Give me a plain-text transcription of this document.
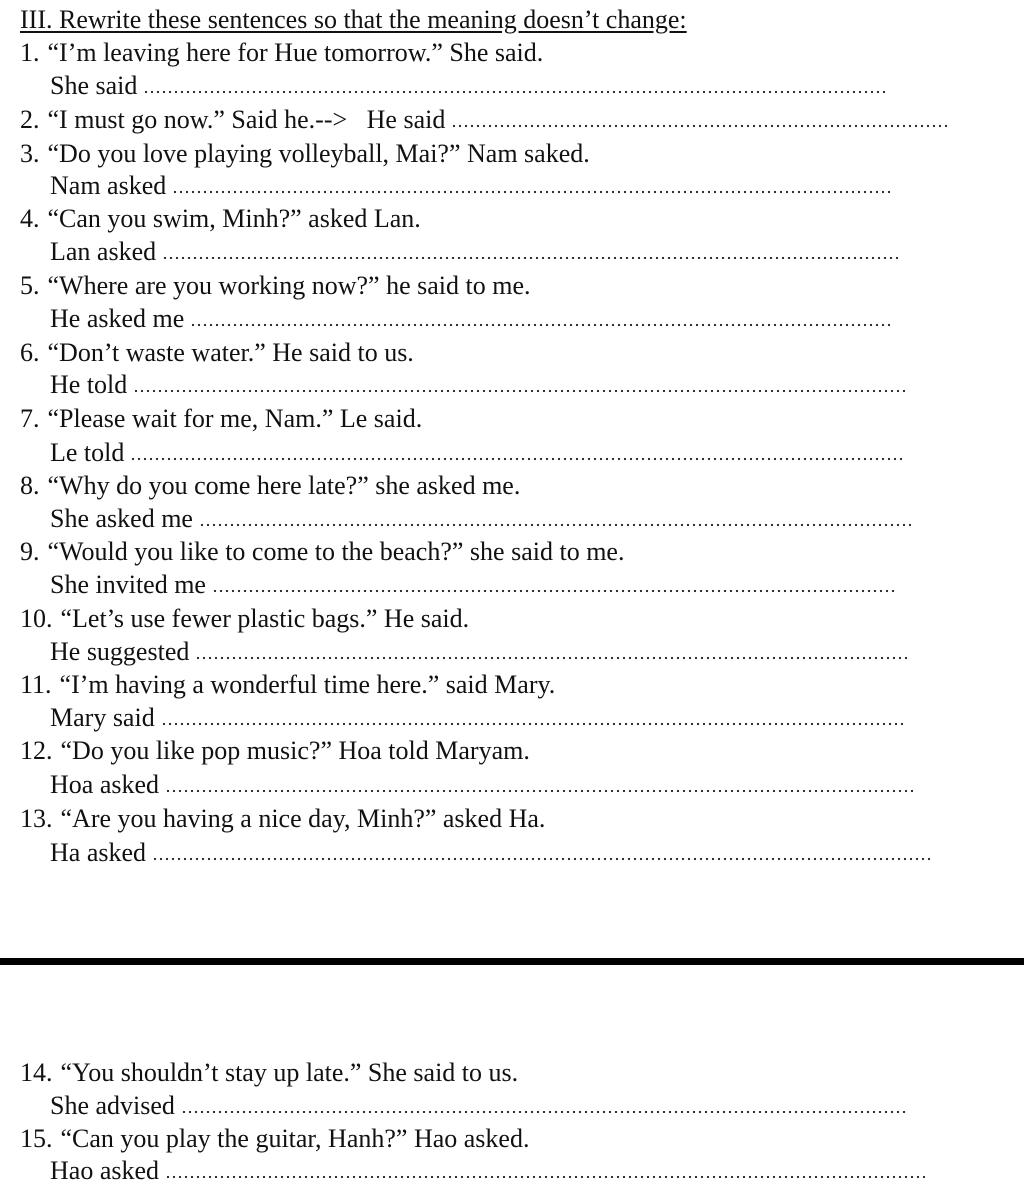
III. Rewrite these sentences so that the meaning doesn’t change:
1. “I’m leaving here for Hue tomorrow.” She said.
She said
2. “I must go now.” Said he.-->   He said
3. “Do you love playing volleyball, Mai?” Nam saked.
Nam asked
4. “Can you swim, Minh?” asked Lan.
Lan asked
5. “Where are you working now?” he said to me.
He asked me
6. “Don’t waste water.” He said to us.
He told
7. “Please wait for me, Nam.” Le said.
Le told
8. “Why do you come here late?” she asked me.
She asked me
9. “Would you like to come to the beach?” she said to me.
She invited me
10. “Let’s use fewer plastic bags.” He said.
He suggested
11. “I’m having a wonderful time here.” said Mary.
Mary said
12. “Do you like pop music?” Hoa told Maryam.
Hoa asked
13. “Are you having a nice day, Minh?” asked Ha.
Ha asked
14. “You shouldn’t stay up late.” She said to us.
She advised
15. “Can you play the guitar, Hanh?” Hao asked.
Hao asked
